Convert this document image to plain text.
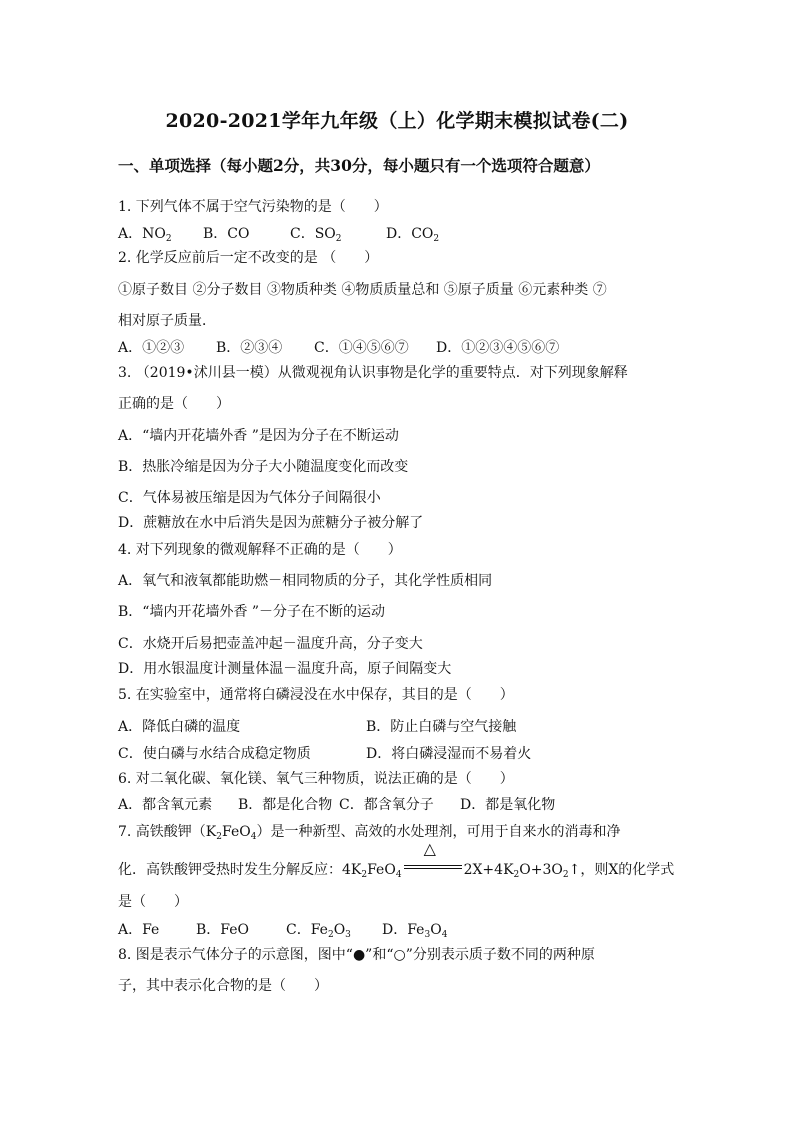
2020-2021学年九年级（上）化学期末模拟试卷(二)
一、单项选择（每小题2分，共30分，每小题只有一个选项符合题意）
1. 下列气体不属于空气污染物的是（　　）
A．$NO_2$ B．CO	C．$SO_2$	D．$CO_2$
2. 化学反应前后一定不改变的是 （　　）
①原子数目 ②分子数目 ③物质种类 ④物质质量总和 ⑤原子质量 ⑥元素种类 ⑦
相对原子质量．
A．①②③ B．②③④ C．①④⑤⑥⑦ D．①②③④⑤⑥⑦
3. （2019•沭川县一模）从微观视角认识事物是化学的重要特点．对下列现象解释
正确的是（　　）
A．“墙内开花墙外香 ”是因为分子在不断运动
B．热胀冷缩是因为分子大小随温度变化而改变
C．气体易被压缩是因为气体分子间隔很小
D．蔗糖放在水中后消失是因为蔗糖分子被分解了
4. 对下列现象的微观解释不正确的是（　　）
A．氧气和液氧都能助燃－相同物质的分子，其化学性质相同
B．“墙内开花墙外香 ”－分子在不断的运动
C．水烧开后易把壶盖冲起－温度升高，分子变大
D．用水银温度计测量体温－温度升高，原子间隔变大
5. 在实验室中，通常将白磷浸没在水中保存，其目的是（　　）
A．降低白磷的温度	B．防止白磷与空气接触
C．使白磷与水结合成稳定物质	D．将白磷浸湿而不易着火
6. 对二氧化碳、氧化镁、氧气三种物质，说法正确的是（　　）
A．都含氧元素 B．都是化合物 C．都含氧分子 D．都是氧化物
7. 高铁酸钾$(K_2FeO_4)$是一种新型、高效的水处理剂，可用于自来水的消毒和净
化．高铁酸钾受热时发生分解反应：$4K_2FeO_4$
△
$2X+4K_2O+3O_2↑$，则X的化学式
是（　　）
A．Fe	B．FeO	C．$Fe_2O_3$ D．$Fe_3O_4$
8. 图是表示气体分子的示意图，图中“●”和“○”分别表示质子数不同的两种原
子，其中表示化合物的是（　　）
